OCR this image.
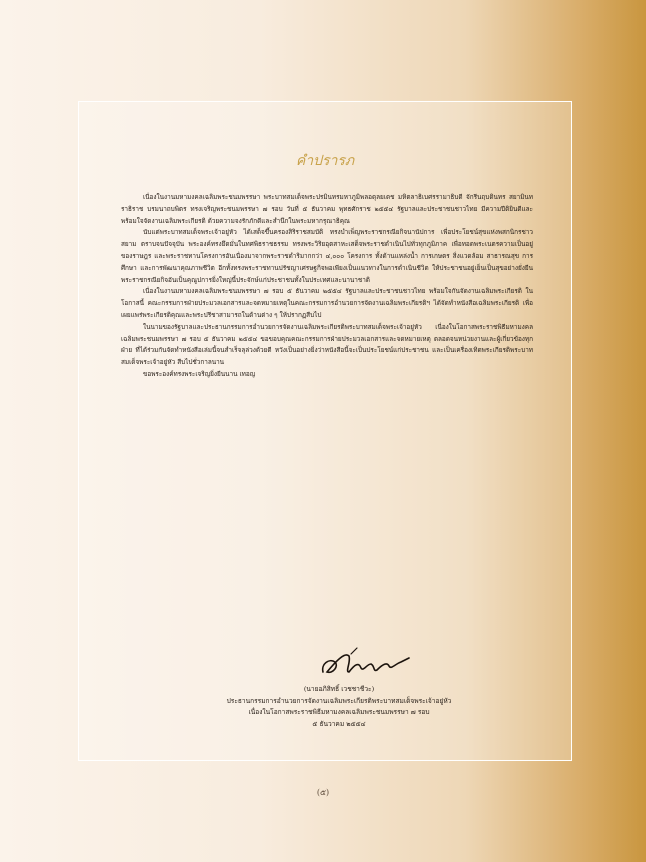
คำปรารภ

เนื่องในงานมหามงคลเฉลิมพระชนมพรรษา พระบาทสมเด็จพระปรมินทรมหาภูมิพลอดุลยเดช มหิตลาธิเบศรรามาธิบดี จักรีนฤบดินทร สยามินทราธิราช บรมนาถบพิตร ทรงเจริญพระชนมพรรษา ๗ รอบ วันที่ ๕ ธันวาคม พุทธศักราช ๒๕๕๔ รัฐบาลและประชาชนชาวไทย มีความปีติยินดีและพร้อมใจจัดงานเฉลิมพระเกียรติ ด้วยความจงรักภักดีและสำนึกในพระมหากรุณาธิคุณ

นับแต่พระบาทสมเด็จพระเจ้าอยู่หัว ได้เสด็จขึ้นครองสิริราชสมบัติ ทรงบำเพ็ญพระราชกรณียกิจนานัปการ เพื่อประโยชน์สุขแห่งพสกนิกรชาวสยาม ตราบจนปัจจุบัน พระองค์ทรงยึดมั่นในทศพิธราชธรรม ทรงพระวิริยอุตสาหะเสด็จพระราชดำเนินไปทั่วทุกภูมิภาค เพื่อทอดพระเนตรความเป็นอยู่ของราษฎร และพระราชทานโครงการอันเนื่องมาจากพระราชดำริมากกว่า ๔,๐๐๐ โครงการ ทั้งด้านแหล่งน้ำ การเกษตร สิ่งแวดล้อม สาธารณสุข การศึกษา และการพัฒนาคุณภาพชีวิต อีกทั้งทรงพระราชทานปรัชญาเศรษฐกิจพอเพียงเป็นแนวทางในการดำเนินชีวิต ให้ประชาชนอยู่เย็นเป็นสุขอย่างยั่งยืน พระราชกรณียกิจอันเป็นคุณูปการยิ่งใหญ่นี้ประจักษ์แก่ประชาชนทั้งในประเทศและนานาชาติ

เนื่องในงานมหามงคลเฉลิมพระชนมพรรษา ๗ รอบ ๕ ธันวาคม ๒๕๕๔ รัฐบาลและประชาชนชาวไทย พร้อมใจกันจัดงานเฉลิมพระเกียรติ ในโอกาสนี้ คณะกรรมการฝ่ายประมวลเอกสารและจดหมายเหตุในคณะกรรมการอำนวยการจัดงานเฉลิมพระเกียรติฯ ได้จัดทำหนังสือเฉลิมพระเกียรติ เพื่อเผยแพร่พระเกียรติคุณและพระปรีชาสามารถในด้านต่าง ๆ ให้ปรากฏสืบไป

ในนามของรัฐบาลและประธานกรรมการอำนวยการจัดงานเฉลิมพระเกียรติพระบาทสมเด็จพระเจ้าอยู่หัว เนื่องในโอกาสพระราชพิธีมหามงคลเฉลิมพระชนมพรรษา ๗ รอบ ๕ ธันวาคม ๒๕๕๔ ขอขอบคุณคณะกรรมการฝ่ายประมวลเอกสารและจดหมายเหตุ ตลอดจนหน่วยงานและผู้เกี่ยวข้องทุกฝ่าย ที่ได้ร่วมกันจัดทำหนังสือเล่มนี้จนสำเร็จลุล่วงด้วยดี หวังเป็นอย่างยิ่งว่าหนังสือนี้จะเป็นประโยชน์แก่ประชาชน และเป็นเครื่องเทิดพระเกียรติพระบาทสมเด็จพระเจ้าอยู่หัว สืบไปชั่วกาลนาน

ขอพระองค์ทรงพระเจริญยิ่งยืนนาน เทอญ

(นายอภิสิทธิ์ เวชชาชีวะ)
ประธานกรรมการอำนวยการจัดงานเฉลิมพระเกียรติพระบาทสมเด็จพระเจ้าอยู่หัว
เนื่องในโอกาสพระราชพิธีมหามงคลเฉลิมพระชนมพรรษา ๗ รอบ
๕ ธันวาคม ๒๕๕๔
(๕)
